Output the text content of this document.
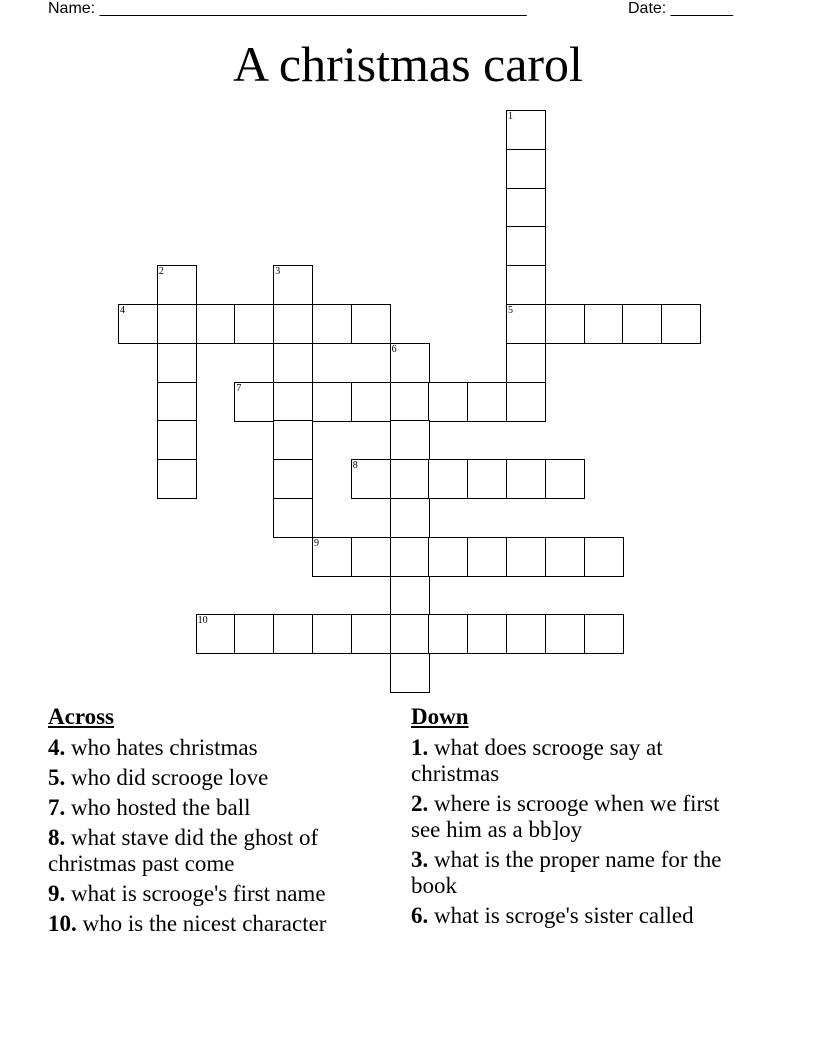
Name: ________________________________________________	Date: _______
A christmas carol
1
2	3
4	5
6
7
8
9
10
Across
4. who hates christmas
5. who did scrooge love
7. who hosted the ball
8. what stave did the ghost of christmas past come
9. what is scrooge's first name
10. who is the nicest character
Down
1. what does scrooge say at christmas
2. where is scrooge when we first see him as a bb]oy
3. what is the proper name for the book
6. what is scroge's sister called
